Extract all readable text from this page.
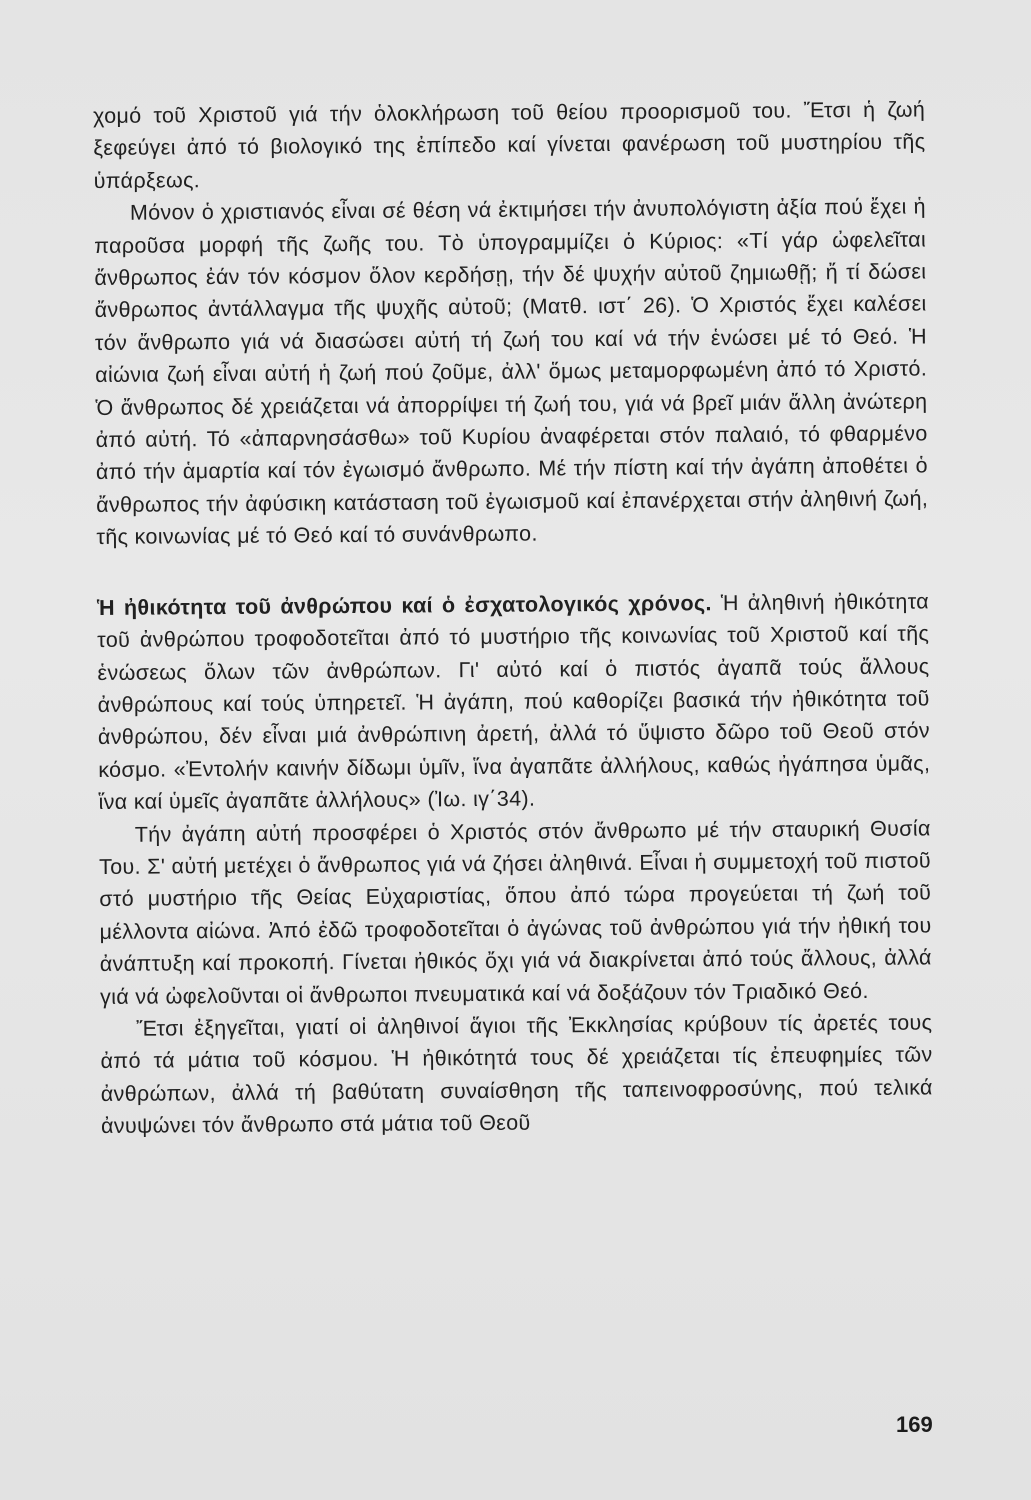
χομό τοῦ Χριστοῦ γιά τήν ὁλοκλήρωση τοῦ θείου προορισμοῦ του. Ἔτσι ἡ ζωή ξεφεύγει ἀπό τό βιολογικό της ἐπίπεδο καί γίνεται φανέρωση τοῦ μυστηρίου τῆς ὑπάρξεως.

Μόνον ὁ χριστιανός εἶναι σέ θέση νά ἐκτιμήσει τήν ἀνυπολόγιστη ἀξία πού ἔχει ἡ παροῦσα μορφή τῆς ζωῆς του. Τὸ ὑπογραμμίζει ὁ Κύριος: «Τί γάρ ὠφελεῖται ἄνθρωπος ἐάν τόν κόσμον ὅλον κερδήσῃ, τήν δέ ψυχήν αὐτοῦ ζημιωθῇ; ἤ τί δώσει ἄνθρωπος ἀντάλλαγμα τῆς ψυχῆς αὐτοῦ; (Ματθ. ιστ΄ 26). Ὁ Χριστός ἔχει καλέσει τόν ἄνθρωπο γιά νά διασώσει αὐτή τή ζωή του καί νά τήν ἑνώσει μέ τό Θεό. Ἡ αἰώνια ζωή εἶναι αὐτή ἡ ζωή πού ζοῦμε, ἀλλ' ὅμως μεταμορφωμένη ἀπό τό Χριστό. Ὁ ἄνθρωπος δέ χρειάζεται νά ἀπορρίψει τή ζωή του, γιά νά βρεῖ μιάν ἄλλη ἀνώτερη ἀπό αὐτή. Τό «ἀπαρνησάσθω» τοῦ Κυρίου ἀναφέρεται στόν παλαιό, τό φθαρμένο ἀπό τήν ἁμαρτία καί τόν ἐγωισμό ἄνθρωπο. Μέ τήν πίστη καί τήν ἀγάπη ἀποθέτει ὁ ἄνθρωπος τήν ἀφύσικη κατάσταση τοῦ ἐγωισμοῦ καί ἐπανέρχεται στήν ἀληθινή ζωή, τῆς κοινωνίας μέ τό Θεό καί τό συνάνθρωπο.

Ἡ ἠθικότητα τοῦ ἀνθρώπου καί ὁ ἐσχατολογικός χρόνος. Ἡ ἀληθινή ἠθικότητα τοῦ ἀνθρώπου τροφοδοτεῖται ἀπό τό μυστήριο τῆς κοινωνίας τοῦ Χριστοῦ καί τῆς ἑνώσεως ὅλων τῶν ἀνθρώπων. Γι' αὐτό καί ὁ πιστός ἀγαπᾶ τούς ἄλλους ἀνθρώπους καί τούς ὑπηρετεῖ. Ἡ ἀγάπη, πού καθορίζει βασικά τήν ἠθικότητα τοῦ ἀνθρώπου, δέν εἶναι μιά ἀνθρώπινη ἀρετή, ἀλλά τό ὕψιστο δῶρο τοῦ Θεοῦ στόν κόσμο. «Ἐντολήν καινήν δίδωμι ὑμῖν, ἵνα ἀγαπᾶτε ἀλλήλους, καθώς ἠγάπησα ὑμᾶς, ἵνα καί ὑμεῖς ἀγαπᾶτε ἀλλήλους» (Ἰω. ιγ΄34).

Τήν ἀγάπη αὐτή προσφέρει ὁ Χριστός στόν ἄνθρωπο μέ τήν σταυρική Θυσία Του. Σ' αὐτή μετέχει ὁ ἄνθρωπος γιά νά ζήσει ἀληθινά. Εἶναι ἡ συμμετοχή τοῦ πιστοῦ στό μυστήριο τῆς Θείας Εὐχαριστίας, ὅπου ἀπό τώρα προγεύεται τή ζωή τοῦ μέλλοντα αἰώνα. Ἀπό ἐδῶ τροφοδοτεῖται ὁ ἀγώνας τοῦ ἀνθρώπου γιά τήν ἠθική του ἀνάπτυξη καί προκοπή. Γίνεται ἠθικός ὄχι γιά νά διακρίνεται ἀπό τούς ἄλλους, ἀλλά γιά νά ὠφελοῦνται οἱ ἄνθρωποι πνευματικά καί νά δοξάζουν τόν Τριαδικό Θεό.

Ἔτσι ἐξηγεῖται, γιατί οἱ ἀληθινοί ἅγιοι τῆς Ἐκκλησίας κρύβουν τίς ἀρετές τους ἀπό τά μάτια τοῦ κόσμου. Ἡ ἠθικότητά τους δέ χρειάζεται τίς ἐπευφημίες τῶν ἀνθρώπων, ἀλλά τή βαθύτατη συναίσθηση τῆς ταπεινοφροσύνης, πού τελικά ἀνυψώνει τόν ἄνθρωπο στά μάτια τοῦ Θεοῦ

169
